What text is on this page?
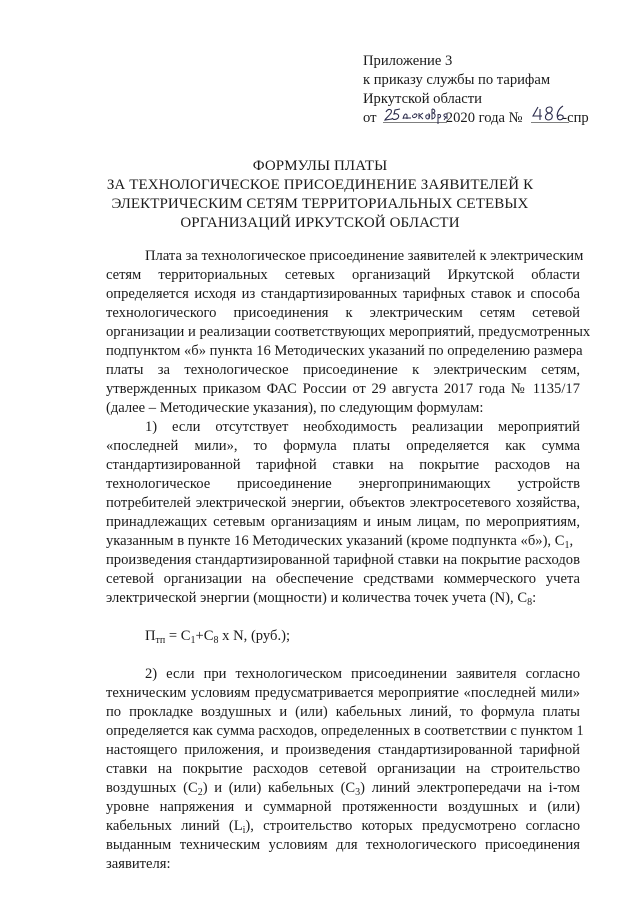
Приложение 3
к приказу службы по тарифам
Иркутской области
от	2020 года №	-спр
ФОРМУЛЫ ПЛАТЫ
ЗА ТЕХНОЛОГИЧЕСКОЕ ПРИСОЕДИНЕНИЕ ЗАЯВИТЕЛЕЙ К
ЭЛЕКТРИЧЕСКИМ СЕТЯМ ТЕРРИТОРИАЛЬНЫХ СЕТЕВЫХ
ОРГАНИЗАЦИЙ ИРКУТСКОЙ ОБЛАСТИ
Плата за технологическое присоединение заявителей к электрическим
сетям территориальных сетевых организаций Иркутской области
определяется исходя из стандартизированных тарифных ставок и способа
технологического присоединения к электрическим сетям сетевой
организации и реализации соответствующих мероприятий, предусмотренных
подпунктом «б» пункта 16 Методических указаний по определению размера
платы за технологическое присоединение к электрическим сетям,
утвержденных приказом ФАС России от 29 августа 2017 года № 1135/17
(далее – Методические указания), по следующим формулам:
1) если отсутствует необходимость реализации мероприятий
«последней мили», то формула платы определяется как сумма
стандартизированной тарифной ставки на покрытие расходов на
технологическое присоединение энергопринимающих устройств
потребителей электрической энергии, объектов электросетевого хозяйства,
принадлежащих сетевым организациям и иным лицам, по мероприятиям,
указанным в пункте 16 Методических указаний (кроме подпункта «б»), $C_1$,
произведения стандартизированной тарифной ставки на покрытие расходов
сетевой организации на обеспечение средствами коммерческого учета
электрической энергии (мощности) и количества точек учета (N), $C_8$:
$П_{тп} = C_1+C_8$ x N, (руб.);
2) если при технологическом присоединении заявителя согласно
техническим условиям предусматривается мероприятие «последней мили»
по прокладке воздушных и (или) кабельных линий, то формула платы
определяется как сумма расходов, определенных в соответствии с пунктом 1
настоящего приложения, и произведения стандартизированной тарифной
ставки на покрытие расходов сетевой организации на строительство
воздушных $(C_2)$ и (или) кабельных $(C_3)$ линий электропередачи на i-том
уровне напряжения и суммарной протяженности воздушных и (или)
кабельных линий $(L_i)$, строительство которых предусмотрено согласно
выданным техническим условиям для технологического присоединения
заявителя:
